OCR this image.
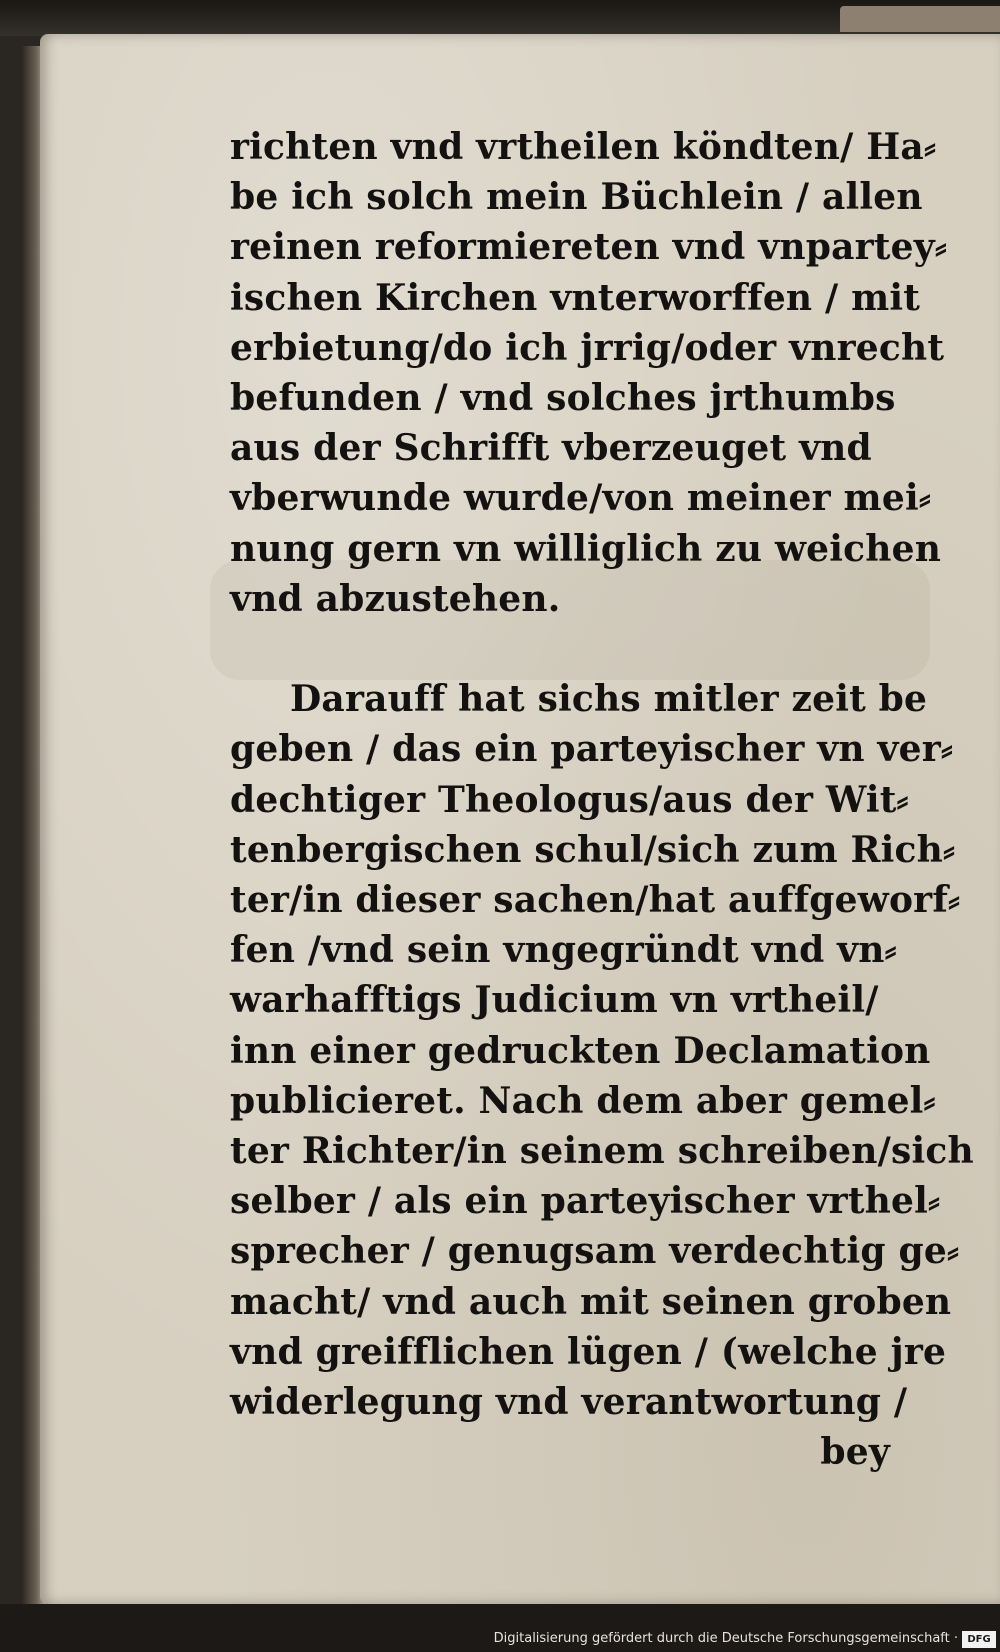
richten vnd vrtheilen köndten/ Ha⸗
be ich solch mein Büchlein / allen
reinen reformiereten vnd vnpartey⸗
ischen Kirchen vnterworffen / mit
erbietung/do ich jrrig/oder vnrecht
befunden / vnd solches jrthumbs
aus der Schrifft vberzeuget vnd
vberwunde wurde/von meiner mei⸗
nung gern vn williglich zu weichen
vnd abzustehen.
Darauff hat sichs mitler zeit be
geben / das ein parteyischer vn ver⸗
dechtiger Theologus/aus der Wit⸗
tenbergischen schul/sich zum Rich⸗
ter/in dieser sachen/hat auffgeworf⸗
fen /vnd sein vngegründt vnd vn⸗
warhafftigs Judicium vn vrtheil/
inn einer gedruckten Declamation
publicieret. Nach dem aber gemel⸗
ter Richter/in seinem schreiben/sich
selber / als ein parteyischer vrthel⸗
sprecher / genugsam verdechtig ge⸗
macht/ vnd auch mit seinen groben
vnd greifflichen lügen / (welche jre
widerlegung vnd verantwortung /
bey
Digitalisierung gefördert durch die Deutsche Forschungsgemeinschaft · DFG
